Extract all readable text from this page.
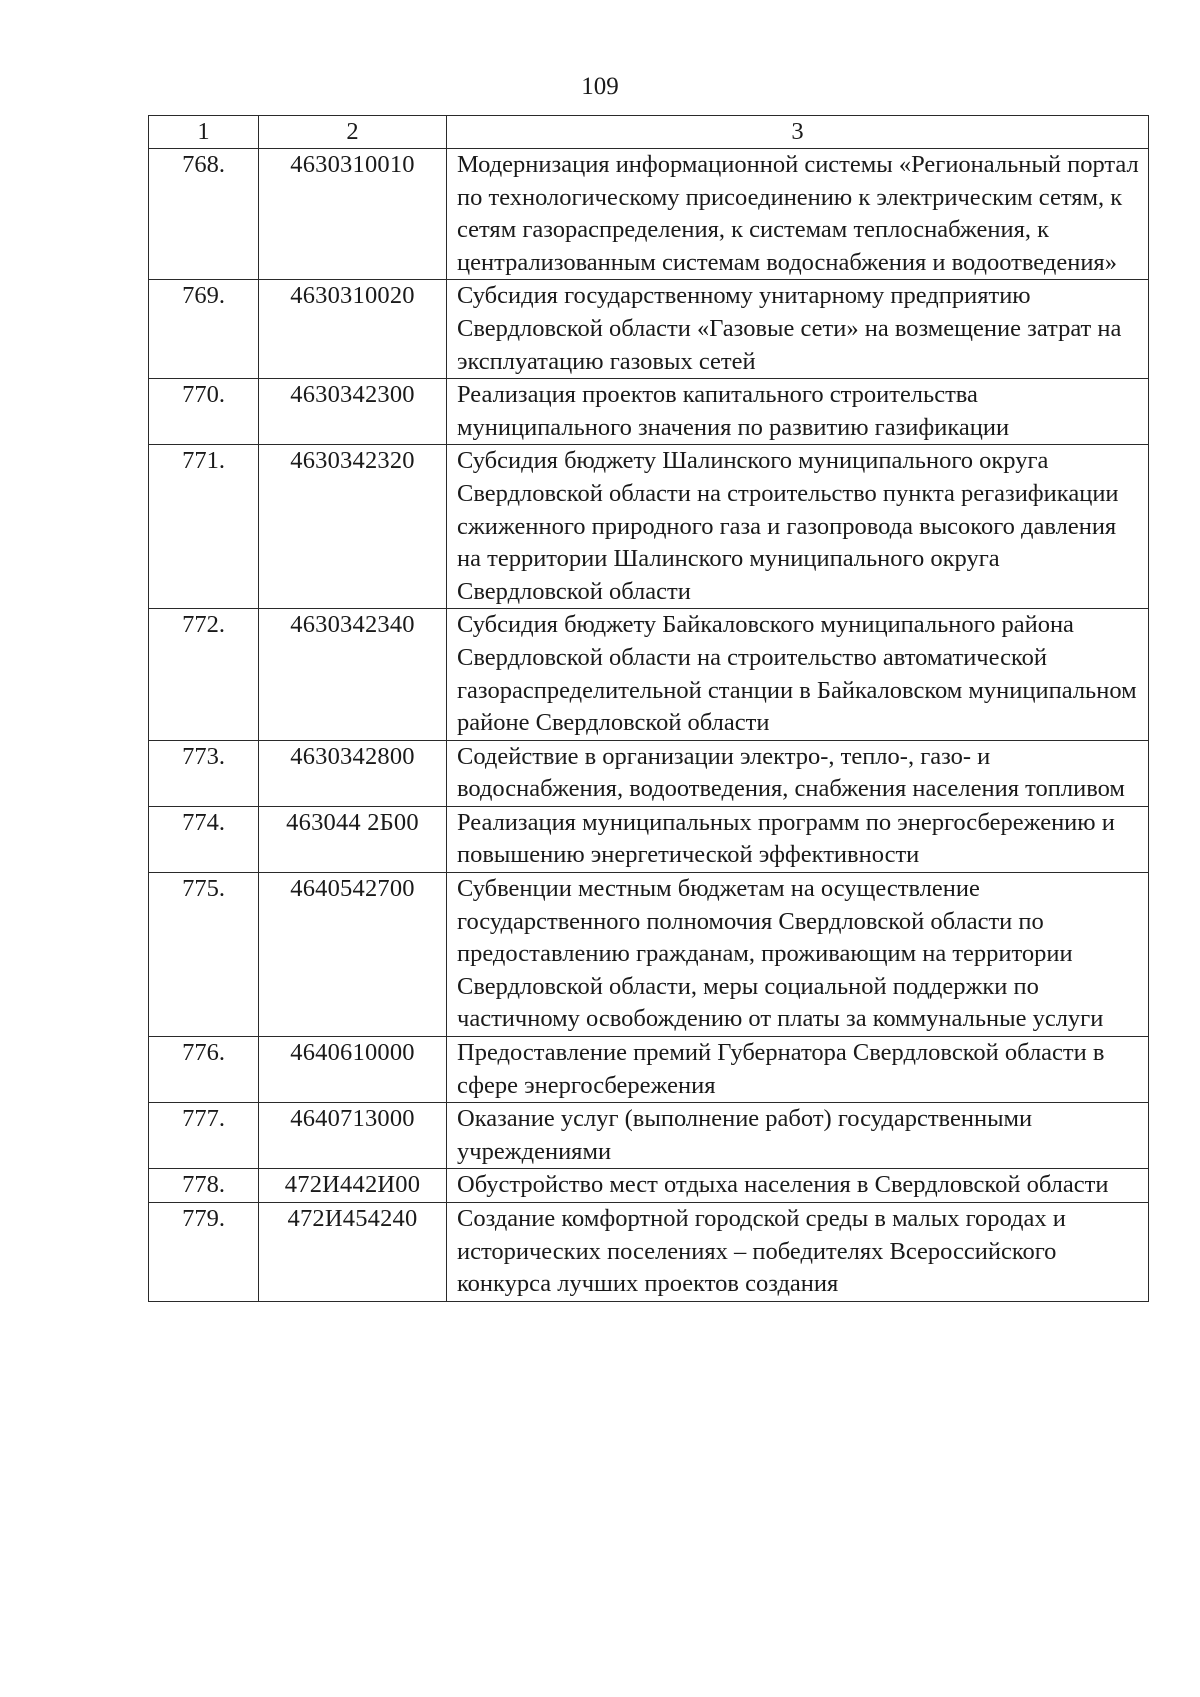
109
1	2	3
768.	4630310010	Модернизация информационной системы «Региональный портал по технологическому присоединению к электрическим сетям, к сетям газораспределения, к системам теплоснабжения, к централизованным системам водоснабжения и водоотведения»
769.	4630310020	Субсидия государственному унитарному предприятию Свердловской области «Газовые сети» на возмещение затрат на эксплуатацию газовых сетей
770.	4630342300	Реализация проектов капитального строительства муниципального значения по развитию газификации
771.	4630342320	Субсидия бюджету Шалинского муниципального округа Свердловской области на строительство пункта регазификации сжиженного природного газа и газопровода высокого давления на территории Шалинского муниципального округа Свердловской области
772.	4630342340	Субсидия бюджету Байкаловского муниципального района Свердловской области на строительство автоматической газораспределительной станции в Байкаловском муниципальном районе Свердловской области
773.	4630342800	Содействие в организации электро-, тепло-, газо- и водоснабжения, водоотведения, снабжения населения топливом
774.	463044 2Б00	Реализация муниципальных программ по энергосбережению и повышению энергетической эффективности
775.	4640542700	Субвенции местным бюджетам на осуществление государственного полномочия Свердловской области по предоставлению гражданам, проживающим на территории Свердловской области, меры социальной поддержки по частичному освобождению от платы за коммунальные услуги
776.	4640610000	Предоставление премий Губернатора Свердловской области в сфере энергосбережения
777.	4640713000	Оказание услуг (выполнение работ) государственными учреждениями
778.	472И442И00	Обустройство мест отдыха населения в Свердловской области
779.	472И454240	Создание комфортной городской среды в малых городах и исторических поселениях – победителях Всероссийского конкурса лучших проектов создания
